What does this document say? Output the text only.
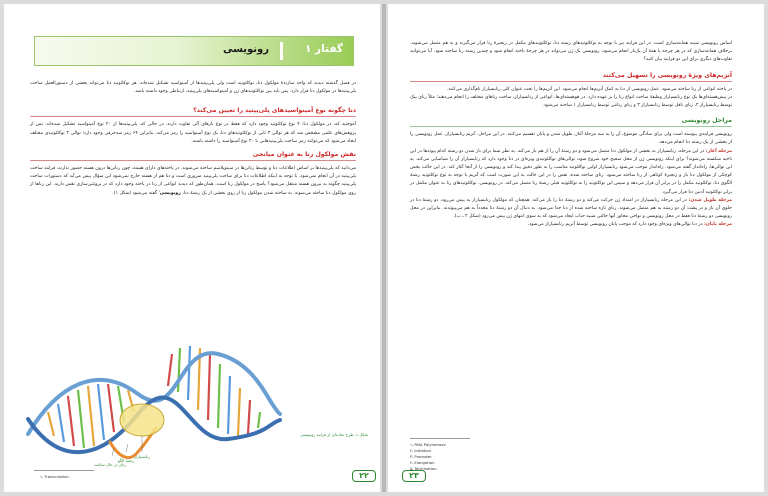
گفتار ۱
رونویسی

در فصل گذشته دیدید که واحد سازندهٔ مولکول دنا، نوکلئوتید است ولی پلی‌پپتیدها از آمینواسید تشکیل شده‌اند. هر نوکلئوتید دنا می‌تواند بخشی از دستورالعمل ساخت پلی‌پپتیدها در مولکول دنا قرار دارد. پس باید بین نوکلئوتیدهای ژن و آمینواسیدهای پلی‌پپتید، ارتباطی وجود داشته باشد.

دنا چگونه نوع آمینواسیدهای پلی‌پپتید را تعیین می‌کند؟

آموختید که، در مولکول دنا، ۴ نوع نوکلئوتید وجود دارد که فقط در نوع بازهای آلی تفاوت دارند. در حالی که، پلی‌پپتیدها از ۲۰ نوع آمینواسید تشکیل شده‌اند. پس از پژوهش‌های علمی مشخص شد که هر توالی ۳ تایی از نوکلئوتیدهای دنا، یک نوع آمینواسید را رمز می‌کند. بنابراین ۶۴ رمز سه‌حرفی وجود دارد؛ توالی ۳ نوکلئوتیدی مختلف ایجاد می‌شود که می‌توانند رمز ساخت پلی‌پپتیدهایی با ۲۰ نوع آمینواسید را داشته باشند.

نقش مولکول رنا به عنوان میانجی

می‌دانید که پلی‌پپتیدها بر اساس اطلاعات دنا و توسط رناتن‌ها در سیتوپلاسم ساخته می‌شوند. در یاخته‌های دارای هسته، چون رناتن‌ها درون هسته حضور ندارند، فرایند ساخت پلی‌پپتید در آن انجام نمی‌شود. با توجه به اینکه اطلاعات دنا برای ساخت پلی‌پپتید ضروری است و دنا هم از هسته خارج نمی‌شود این سؤال پیش می‌آید که دستورات ساخت پلی‌پپتید چگونه به بیرون هسته منتقل می‌شود؟ پاسخ در مولکول رنا است. همان‌طور که دیدید انواعی از رنا در یاخته وجود دارد که در پروتئین‌سازی نقش دارند. این رناها از روی مولکول دنا ساخته می‌شوند. به ساخته شدن مولکول رنا از روی بخشی از یک رشتهٔ دنا، رونویسی' گفته می‌شود (شکل ۱).

رنابسپاراز
رشتهٔ الگو
رنای در حال ساخت
شکل ۱ـ طرح ساده‌ای از فرایند رونویسی
۱ـ Transcription	۲۲

اساس رونویسی شبیه همانندسازی است. در این فرایند نیز با توجه به نوکلئوتیدهای رشته دنا، نوکلئوتیدهای مکمل در زنجیرهٔ رنا قرار می‌گیرند و به هم متصل می‌شوند. برخلاف همانندسازی که در هر چرخه یا همهٔ آن یک‌بار انجام می‌شود، رونویسی یک ژن می‌تواند در هر چرخهٔ یاخته انجام شود و چندین رشته رنا ساخته شود. آیا می‌توانید تفاوت‌های دیگری برای این دو فرایند بیان کنید؟

آنزیم‌های ویژهٔ رونویسی را تسهیل می‌کنند

در یاخته انواعی از رنا ساخته می‌شود. عمل رونویسی از دنا به کمک آنزیم‌ها انجام می‌شود. این آنزیم‌ها را تحت عنوان کلی رنابسپاراز نام‌گذاری می‌کنند.

در پیش‌هسته‌ای‌ها یک نوع رنابسپاراز وظیفهٔ ساخت انواع رنا را بر عهده دارد. در هوهسته‌ای‌ها، انواعی از رنابسپاراز، ساخت رناهای مختلف را انجام می‌دهند؛ مثلاً رنای پیک توسط رنابسپاراز ۲، رنای ناقل توسط رنابسپاراز ۳ و رنای رناتنی توسط رنابسپاراز ۱ ساخته می‌شود.

مراحل رونویسی

رونویسی فرایندی پیوسته است ولی برای سادگی موضوع، آن را به سه مرحلهٔ آغاز، طویل شدن و پایان تقسیم می‌کنند. در این مراحل، آنزیم رنابسپاراز، عمل رونویسی را از بخشی از یک رشته دنا انجام می‌دهد.

مرحله آغاز: در این مرحله، رنابسپاراز به بخشی از مولکول دنا متصل می‌شود و دو رشتهٔ آن را از هم باز می‌کند. به نظر شما برای باز شدن دو رشته کدام پیوندها در این ناحیه شکسته می‌شوند؟ برای اینکه رونویسی ژن از محل صحیح خود شروع شود، توالی‌های نوکلئوتیدی ویژه‌ای در دنا وجود دارد که رنابسپاراز آن را شناسایی می‌کند. به این توالی‌ها، راه‌انداز گفته می‌شود. راه‌انداز موجب می‌شود رنابسپاراز اولین نوکلئوتید مناسب را به طور دقیق پیدا کند و رونویسی را از آنجا آغاز کند. در این حالت بخش کوچکی از مولکول دنا باز و زنجیرهٔ کوتاهی از رنا ساخته می‌شود. رنای ساخته شده، نقش را در این حالت به این صورت است که آنزیم با توجه به نوع نوکلئوتید رشتهٔ الگوی دنا، نوکلئوتید مکمل را در برابر آن قرار می‌دهد و سپس این نوکلئوتید را به نوکلئوتید قبلی رشتهٔ رنا متصل می‌کند. در رونویسی، نوکلئوتیدهای رنا به عنوان مکمل در برابر نوکلئوتید آدنین دنا قرار می‌گیرد.

مرحله طویل شدن: در این مرحله رنابسپاراز در امتداد ژن حرکت می‌کند و دو رشتهٔ دنا را باز می‌کند. همچنان که مولکول رنابسپاراز به پیش می‌رود، دو رشتهٔ دنا در جلوی آن باز و در پشت آن دو رشته به هم متصل می‌شوند. رنای تازه ساخته شده از دنا جدا می‌شود. به دنبال آن دو رشتهٔ دنا مجدداً به هم می‌پیوندند. بنابراین در محل رونویسی دو رشتهٔ دنا فقط در محل رونویسی و نواحی مجاور آنها حالتی شبیه حباب ایجاد می‌شود که به سوی انتهای ژن پیش می‌رود (شکل ۲ ـ ب).

مرحله پایان: در دنا توالی‌های ویژه‌ای وجود دارد که موجب پایان رونویسی توسط آنزیم رنابسپاراز می‌شود.

۱ـ RNA Polymerase
۲ـ Initiation
۳ـ Promoter
۴ـ Elongation
۵ـ Termination
۲۳
